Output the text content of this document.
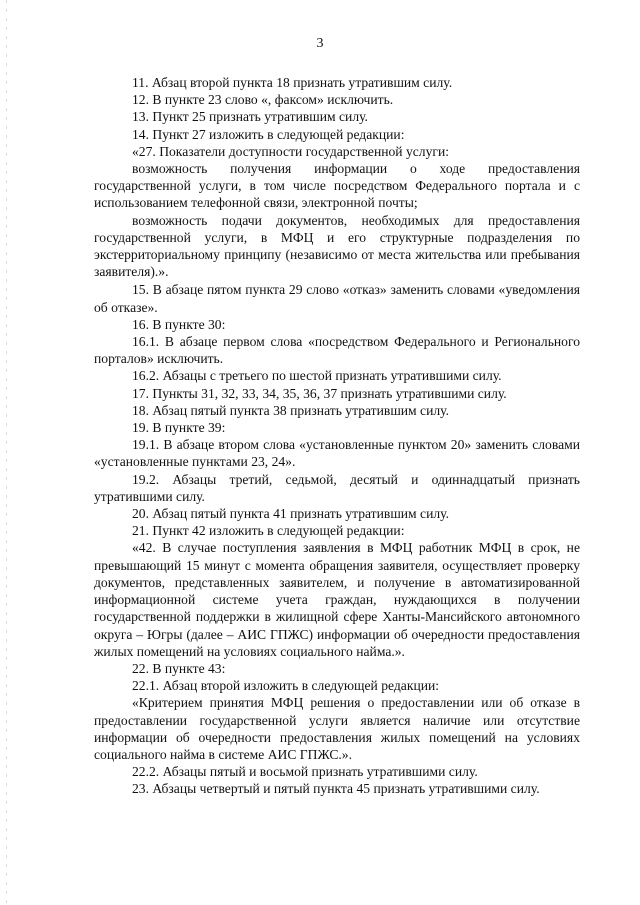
3

11. Абзац второй пункта 18 признать утратившим силу.

12. В пункте 23 слово «, факсом» исключить.

13. Пункт 25 признать утратившим силу.

14. Пункт 27 изложить в следующей редакции:

«27. Показатели доступности государственной услуги:

возможность получения информации о ходе предоставления государственной услуги, в том числе посредством Федерального портала и с использованием телефонной связи, электронной почты;

возможность подачи документов, необходимых для предоставления государственной услуги, в МФЦ и его структурные подразделения по экстерриториальному принципу (независимо от места жительства или пребывания заявителя).».

15. В абзаце пятом пункта 29 слово «отказ» заменить словами «уведомления об отказе».

16. В пункте 30:

16.1. В абзаце первом слова «посредством Федерального и Регионального порталов» исключить.

16.2. Абзацы с третьего по шестой признать утратившими силу.

17. Пункты 31, 32, 33, 34, 35, 36, 37 признать утратившими силу.

18. Абзац пятый пункта 38 признать утратившим силу.

19. В пункте 39:

19.1. В абзаце втором слова «установленные пунктом 20» заменить словами «установленные пунктами 23, 24».

19.2. Абзацы третий, седьмой, десятый и одиннадцатый признать утратившими силу.

20. Абзац пятый пункта 41 признать утратившим силу.

21. Пункт 42 изложить в следующей редакции:

«42. В случае поступления заявления в МФЦ работник МФЦ в срок, не превышающий 15 минут с момента обращения заявителя, осуществляет проверку документов, представленных заявителем, и получение в автоматизированной информационной системе учета граждан, нуждающихся в получении государственной поддержки в жилищной сфере Ханты-Мансийского автономного округа – Югры (далее – АИС ГПЖС) информации об очередности предоставления жилых помещений на условиях социального найма.».

22. В пункте 43:

22.1. Абзац второй изложить в следующей редакции:

«Критерием принятия МФЦ решения о предоставлении или об отказе в предоставлении государственной услуги является наличие или отсутствие информации об очередности предоставления жилых помещений на условиях социального найма в системе АИС ГПЖС.».

22.2. Абзацы пятый и восьмой признать утратившими силу.

23. Абзацы четвертый и пятый пункта 45 признать утратившими силу.
